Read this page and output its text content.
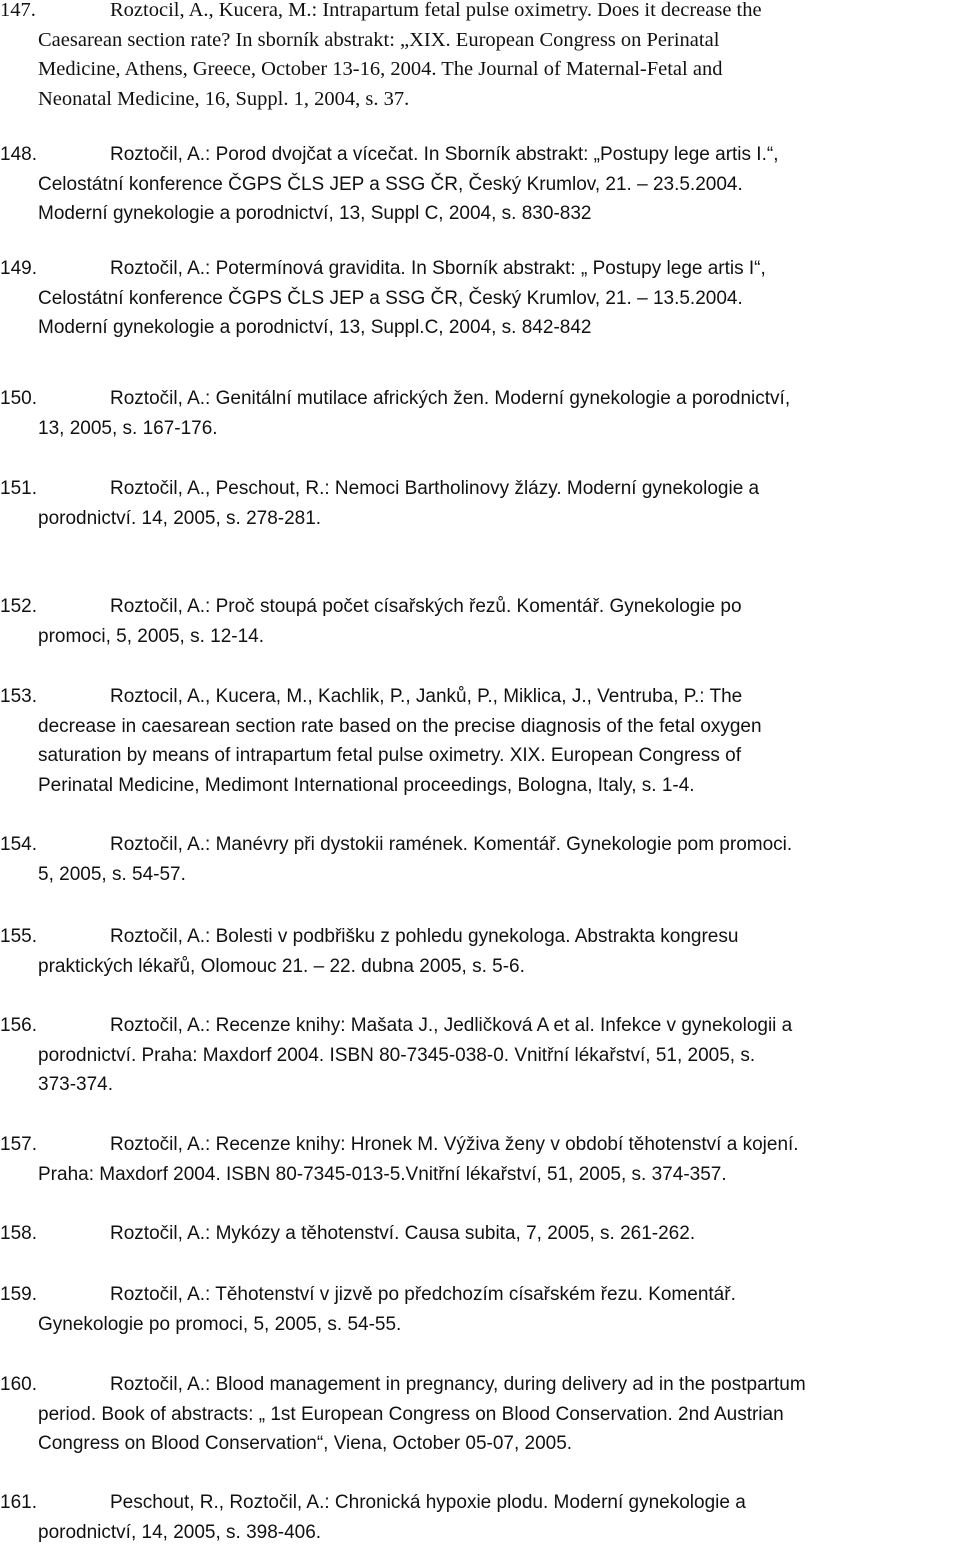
147.	Roztocil, A., Kucera, M.: Intrapartum fetal pulse oximetry. Does it decrease the
Caesarean section rate? In sborník abstrakt: „XIX. European Congress on Perinatal
Medicine, Athens, Greece, October 13-16, 2004. The Journal of Maternal-Fetal and
Neonatal Medicine, 16, Suppl. 1, 2004, s. 37.
148.	Roztočil, A.: Porod dvojčat a vícečat. In Sborník abstrakt: „Postupy lege artis I.“,
Celostátní konference ČGPS ČLS JEP a SSG ČR, Český Krumlov, 21. – 23.5.2004.
Moderní gynekologie a porodnictví, 13, Suppl C, 2004, s. 830-832
149.	Roztočil, A.: Potermínová gravidita. In Sborník abstrakt: „ Postupy lege artis I“,
Celostátní konference ČGPS ČLS JEP a SSG ČR, Český Krumlov, 21. – 13.5.2004.
Moderní gynekologie a porodnictví, 13, Suppl.C, 2004, s. 842-842
150.	Roztočil, A.: Genitální mutilace afrických žen. Moderní gynekologie a porodnictví,
13, 2005, s. 167-176.
151.	Roztočil, A., Peschout, R.: Nemoci Bartholinovy žlázy. Moderní gynekologie a
porodnictví. 14, 2005, s. 278-281.
152.	Roztočil, A.: Proč stoupá počet císařských řezů. Komentář. Gynekologie po
promoci, 5, 2005, s. 12-14.
153.	Roztocil, A., Kucera, M., Kachlik, P., Janků, P., Miklica, J., Ventruba, P.: The
decrease in caesarean section rate based on the precise diagnosis of the fetal oxygen
saturation by means of intrapartum fetal pulse oximetry. XIX. European Congress of
Perinatal Medicine, Medimont International proceedings, Bologna, Italy, s. 1-4.
154.	Roztočil, A.: Manévry při dystokii ramének. Komentář. Gynekologie pom promoci.
5, 2005, s. 54-57.
155.	Roztočil, A.: Bolesti v podbřišku z pohledu gynekologa. Abstrakta kongresu
praktických lékařů, Olomouc 21. – 22. dubna 2005, s. 5-6.
156.	Roztočil, A.: Recenze knihy: Mašata J., Jedličková A et al. Infekce v gynekologii a
porodnictví. Praha: Maxdorf 2004. ISBN 80-7345-038-0. Vnitřní lékařství, 51, 2005, s.
373-374.
157.	Roztočil, A.: Recenze knihy: Hronek M. Výživa ženy v období těhotenství a kojení.
Praha: Maxdorf 2004. ISBN 80-7345-013-5.Vnitřní lékařství, 51, 2005, s. 374-357.
158.	Roztočil, A.: Mykózy a těhotenství. Causa subita, 7, 2005, s. 261-262.
159.	Roztočil, A.: Těhotenství v jizvě po předchozím císařském řezu. Komentář.
Gynekologie po promoci, 5, 2005, s. 54-55.
160.	Roztočil, A.: Blood management in pregnancy, during delivery ad in the postpartum
period. Book of abstracts: „ 1st European Congress on Blood Conservation. 2nd Austrian
Congress on Blood Conservation“, Viena, October 05-07, 2005.
161.	Peschout, R., Roztočil, A.: Chronická hypoxie plodu. Moderní gynekologie a
porodnictví, 14, 2005, s. 398-406.
